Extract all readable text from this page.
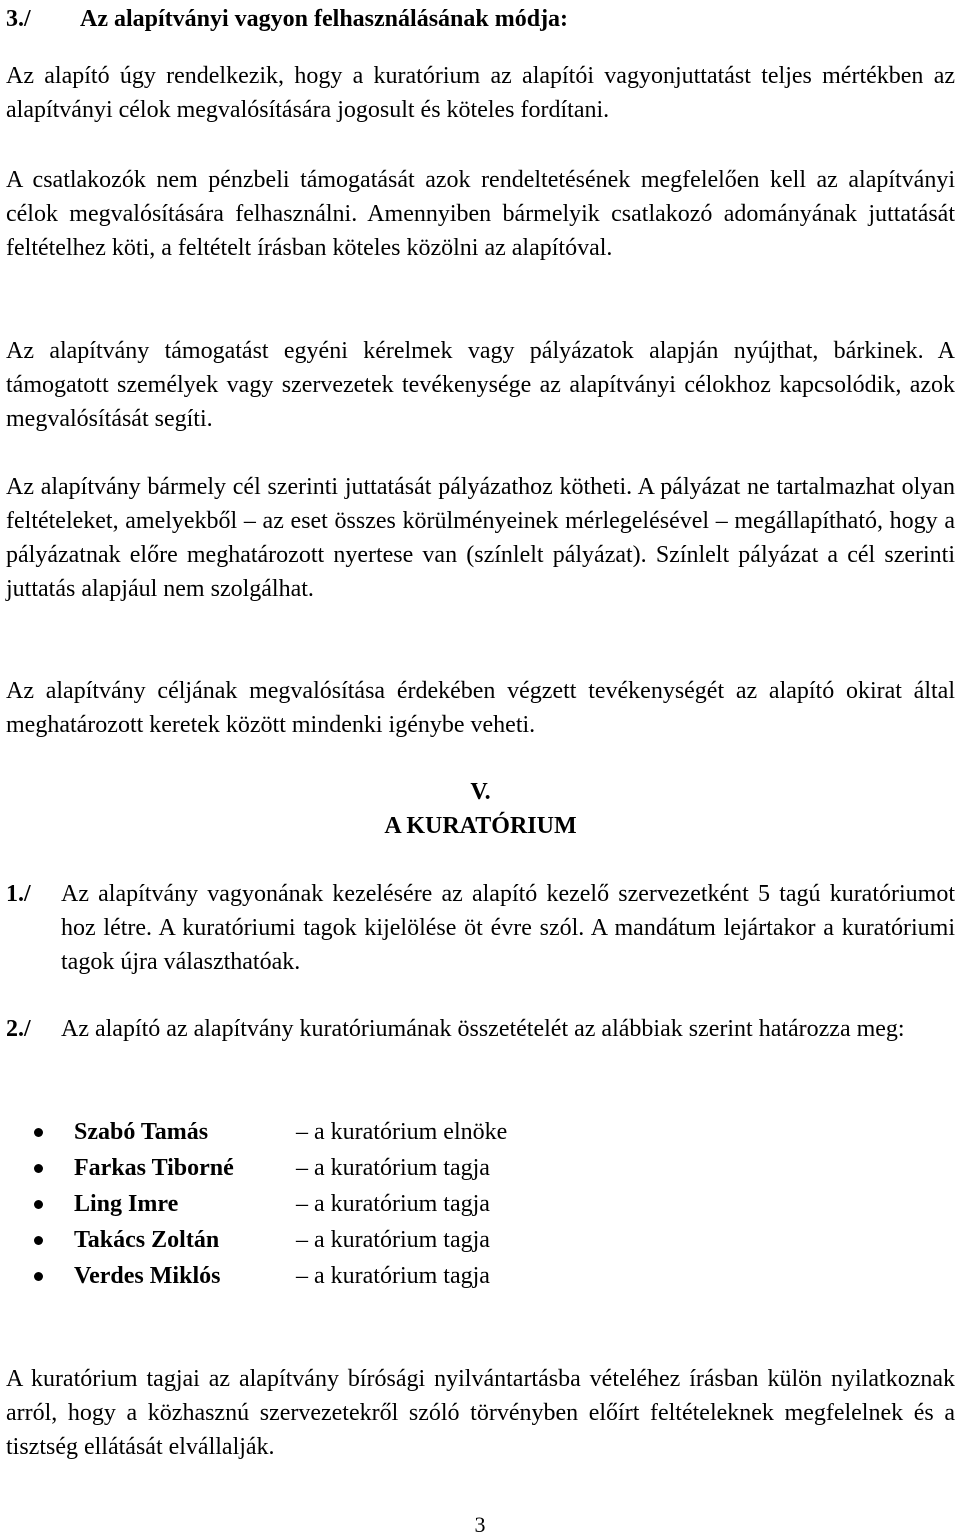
3./ Az alapítványi vagyon felhasználásának módja:

Az alapító úgy rendelkezik, hogy a kuratórium az alapítói vagyonjuttatást teljes mértékben az alapítványi célok megvalósítására jogosult és köteles fordítani.

A csatlakozók nem pénzbeli támogatását azok rendeltetésének megfelelően kell az alapítványi célok megvalósítására felhasználni. Amennyiben bármelyik csatlakozó adományának juttatását feltételhez köti, a feltételt írásban köteles közölni az alapítóval.

Az alapítvány támogatást egyéni kérelmek vagy pályázatok alapján nyújthat, bárkinek. A támogatott személyek vagy szervezetek tevékenysége az alapítványi célokhoz kapcsolódik, azok megvalósítását segíti.

Az alapítvány bármely cél szerinti juttatását pályázathoz kötheti. A pályázat ne tartalmazhat olyan feltételeket, amelyekből – az eset összes körülményeinek mérlegelésével – megállapítható, hogy a pályázatnak előre meghatározott nyertese van (színlelt pályázat). Színlelt pályázat a cél szerinti juttatás alapjául nem szolgálhat.

Az alapítvány céljának megvalósítása érdekében végzett tevékenységét az alapító okirat által meghatározott keretek között mindenki igénybe veheti.

V.
A KURATÓRIUM
1./ Az alapítvány vagyonának kezelésére az alapító kezelő szervezetként 5 tagú kuratóriumot hoz létre. A kuratóriumi tagok kijelölése öt évre szól. A mandátum lejártakor a kuratóriumi tagok újra választhatóak.
2./ Az alapító az alapítvány kuratóriumának összetételét az alábbiak szerint határozza meg:
Szabó Tamás	– a kuratórium elnöke
Farkas Tiborné	– a kuratórium tagja
Ling Imre	– a kuratórium tagja
Takács Zoltán	– a kuratórium tagja
Verdes Miklós	– a kuratórium tagja

A kuratórium tagjai az alapítvány bírósági nyilvántartásba vételéhez írásban külön nyilatkoznak arról, hogy a közhasznú szervezetekről szóló törvényben előírt feltételeknek megfelelnek és a tisztség ellátását elvállalják.

3
